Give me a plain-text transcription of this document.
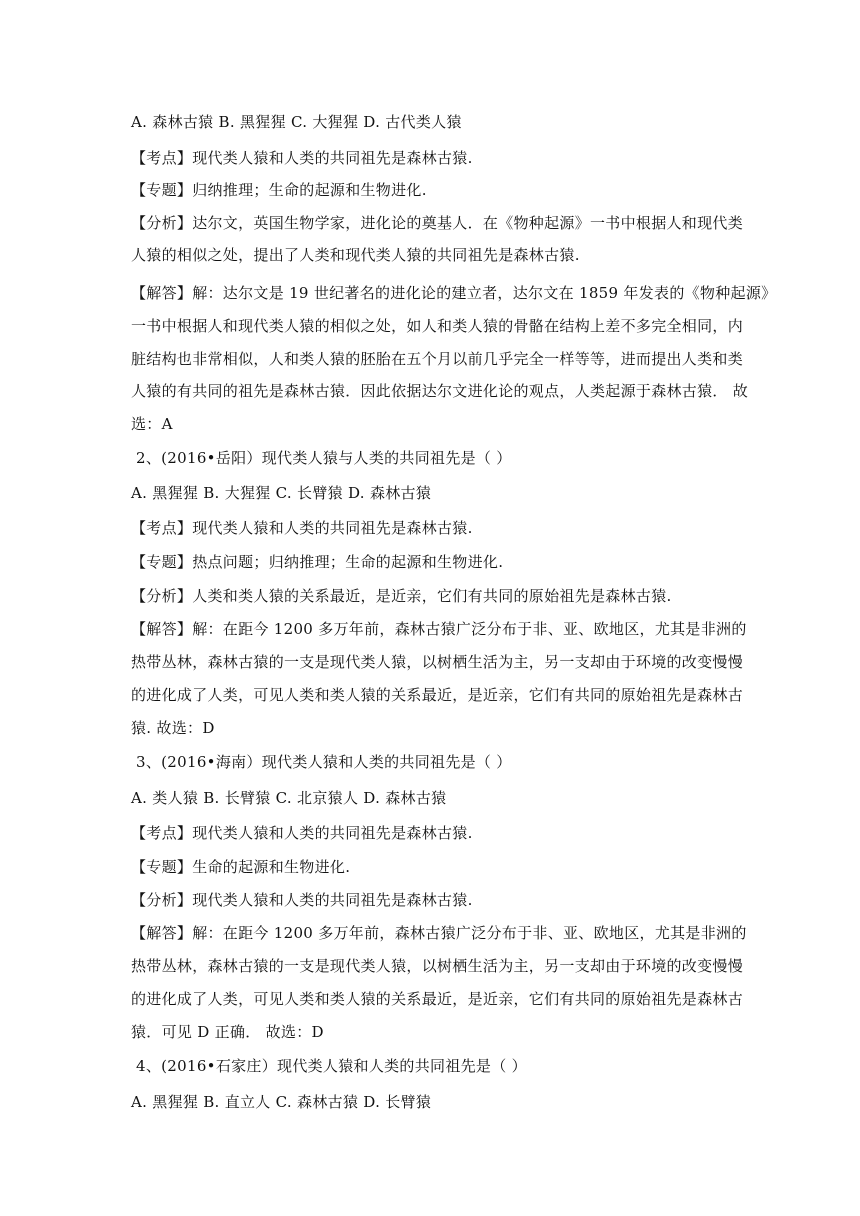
A. 森林古猿 B. 黑猩猩 C. 大猩猩 D. 古代类人猿
【考点】现代类人猿和人类的共同祖先是森林古猿.
【专题】归纳推理；生命的起源和生物进化.
【分析】达尔文，英国生物学家，进化论的奠基人．在《物种起源》一书中根据人和现代类
人猿的相似之处，提出了人类和现代类人猿的共同祖先是森林古猿.
【解答】解：达尔文是 19 世纪著名的进化论的建立者，达尔文在 1859 年发表的《物种起源》
一书中根据人和现代类人猿的相似之处，如人和类人猿的骨骼在结构上差不多完全相同，内
脏结构也非常相似，人和类人猿的胚胎在五个月以前几乎完全一样等等，进而提出人类和类
人猿的有共同的祖先是森林古猿．因此依据达尔文进化论的观点，人类起源于森林古猿． 故
选：A
2、(2016•岳阳）现代类人猿与人类的共同祖先是（ ）
A. 黑猩猩 B. 大猩猩 C. 长臂猿 D. 森林古猿
【考点】现代类人猿和人类的共同祖先是森林古猿.
【专题】热点问题；归纳推理；生命的起源和生物进化.
【分析】人类和类人猿的关系最近，是近亲，它们有共同的原始祖先是森林古猿.
【解答】解：在距今 1200 多万年前，森林古猿广泛分布于非、亚、欧地区，尤其是非洲的
热带丛林，森林古猿的一支是现代类人猿，以树栖生活为主，另一支却由于环境的改变慢慢
的进化成了人类，可见人类和类人猿的关系最近，是近亲，它们有共同的原始祖先是森林古
猿. 故选：D
3、(2016•海南）现代类人猿和人类的共同祖先是（ ）
A. 类人猿 B. 长臂猿 C. 北京猿人 D. 森林古猿
【考点】现代类人猿和人类的共同祖先是森林古猿.
【专题】生命的起源和生物进化.
【分析】现代类人猿和人类的共同祖先是森林古猿.
【解答】解：在距今 1200 多万年前，森林古猿广泛分布于非、亚、欧地区，尤其是非洲的
热带丛林，森林古猿的一支是现代类人猿，以树栖生活为主，另一支却由于环境的改变慢慢
的进化成了人类，可见人类和类人猿的关系最近，是近亲，它们有共同的原始祖先是森林古
猿．可见 D 正确． 故选：D
4、(2016•石家庄）现代类人猿和人类的共同祖先是（ ）
A. 黑猩猩 B. 直立人 C. 森林古猿 D. 长臂猿
